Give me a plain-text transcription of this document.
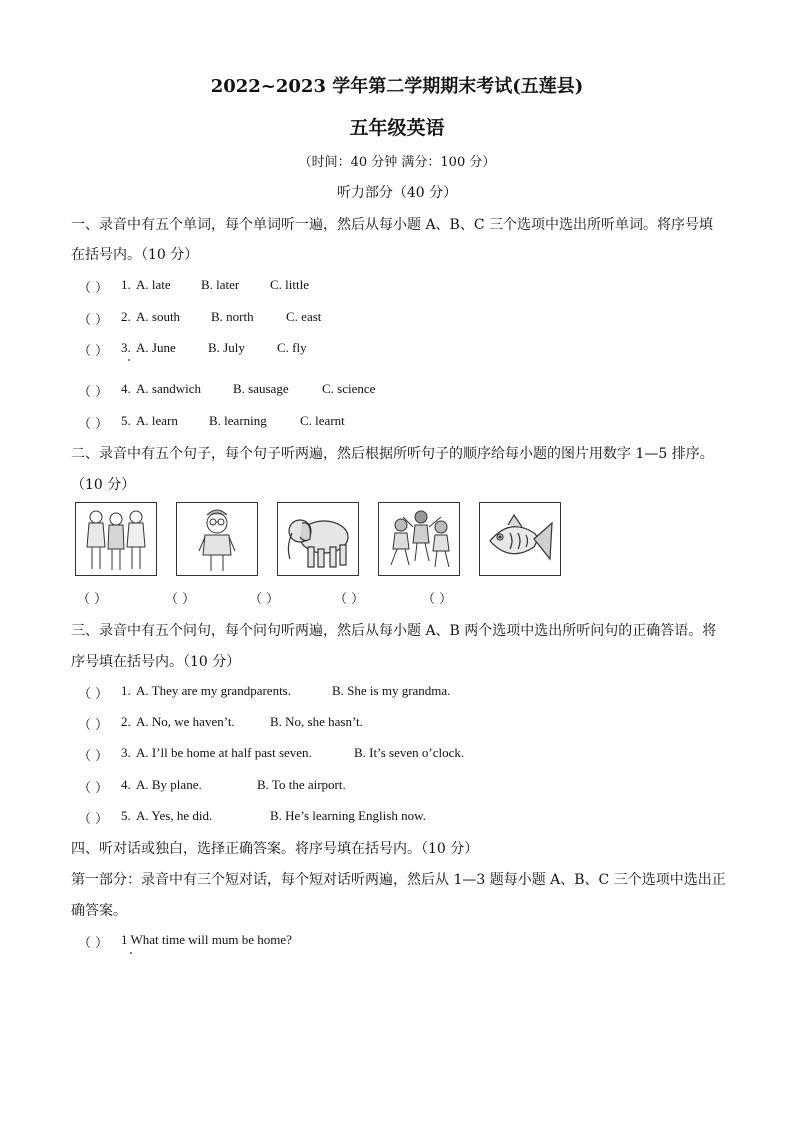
2022~2023 学年第二学期期末考试(五莲县)
五年级英语
（时间：40 分钟 满分：100 分）
听力部分（40 分）
一、录音中有五个单词，每个单词听一遍，然后从每小题 A、B、C 三个选项中选出所听单词。将序号填
在括号内。（10 分）
（ ） 1. A. late B. later C. little
（ ） 2. A. south B. north C. east
（ ） 3. A. June B. July C. fly
（ ） 4. A. sandwich B. sausage	C. science
（ ） 5. A. learn B. learning	C. learnt
二、录音中有五个句子，每个句子听两遍，然后根据所听句子的顺序给每小题的图片用数字 1—5 排序。
（10 分）
（ ）	（ ）	（ ）	（ ）	（ ）
三、录音中有五个问句，每个问句听两遍，然后从每小题 A、B 两个选项中选出所听问句的正确答语。将
序号填在括号内。（10 分）
（ ） 1. A. They are my grandparents.	B. She is my grandma.
（ ） 2. A. No, we haven’t.	B. No, she hasn’t.
（ ） 3. A. I’ll be home at half past seven.	B. It’s seven o’clock.
（ ） 4. A. By plane.	B. To the airport.
（ ） 5. A. Yes, he did.	B. He’s learning English now.
四、听对话或独白，选择正确答案。将序号填在括号内。（10 分）
第一部分：录音中有三个短对话，每个短对话听两遍，然后从 1—3 题每小题 A、B、C 三个选项中选出正
确答案。
（ ） 1 What time will mum be home?
